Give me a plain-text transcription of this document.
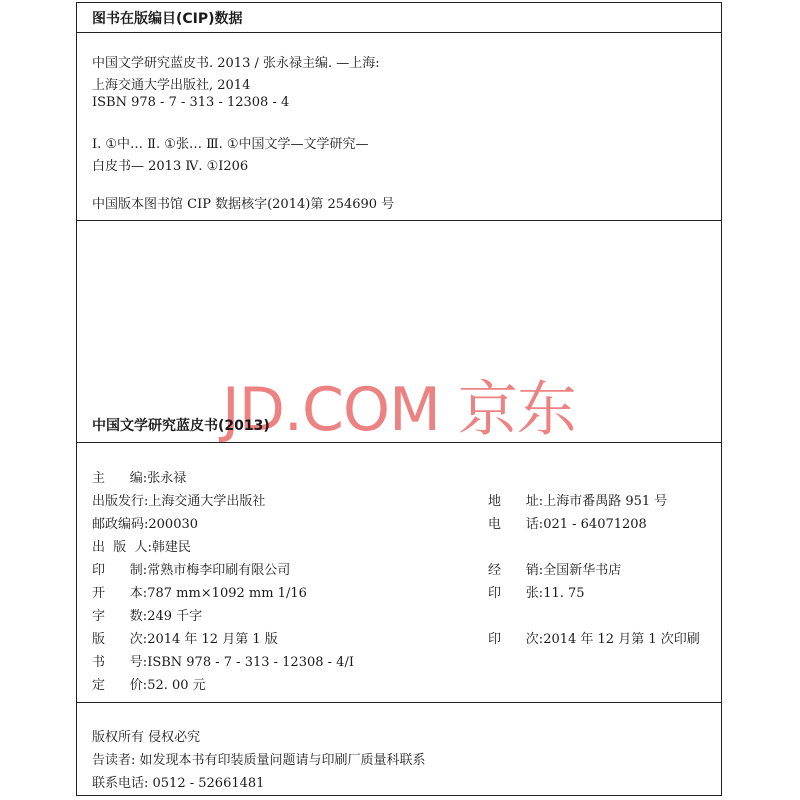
图书在版编目(CIP)数据
中国文学研究蓝皮书. 2013 / 张永禄主编. —上海:
上海交通大学出版社, 2014
ISBN 978 - 7 - 313 - 12308 - 4
Ⅰ. ①中… Ⅱ. ①张… Ⅲ. ①中国文学—文学研究—
白皮书— 2013 Ⅳ. ①I206
中国版本图书馆 CIP 数据核字(2014)第 254690 号
JD.COM 京东
中国文学研究蓝皮书(2013)
主      编:张永禄
出版发行:上海交通大学出版社
邮政编码:200030
出  版  人:韩建民
印      制:常熟市梅李印刷有限公司
开      本:787 mm×1092 mm 1/16
字      数:249 千字
版      次:2014 年 12 月第 1 版
书      号:ISBN 978 - 7 - 313 - 12308 - 4/I
定      价:52. 00 元
地      址:上海市番禺路 951 号
电      话:021 - 64071208
经      销:全国新华书店
印      张:11. 75
印      次:2014 年 12 月第 1 次印刷
版权所有 侵权必究
告读者: 如发现本书有印装质量问题请与印刷厂质量科联系
联系电话: 0512 - 52661481
